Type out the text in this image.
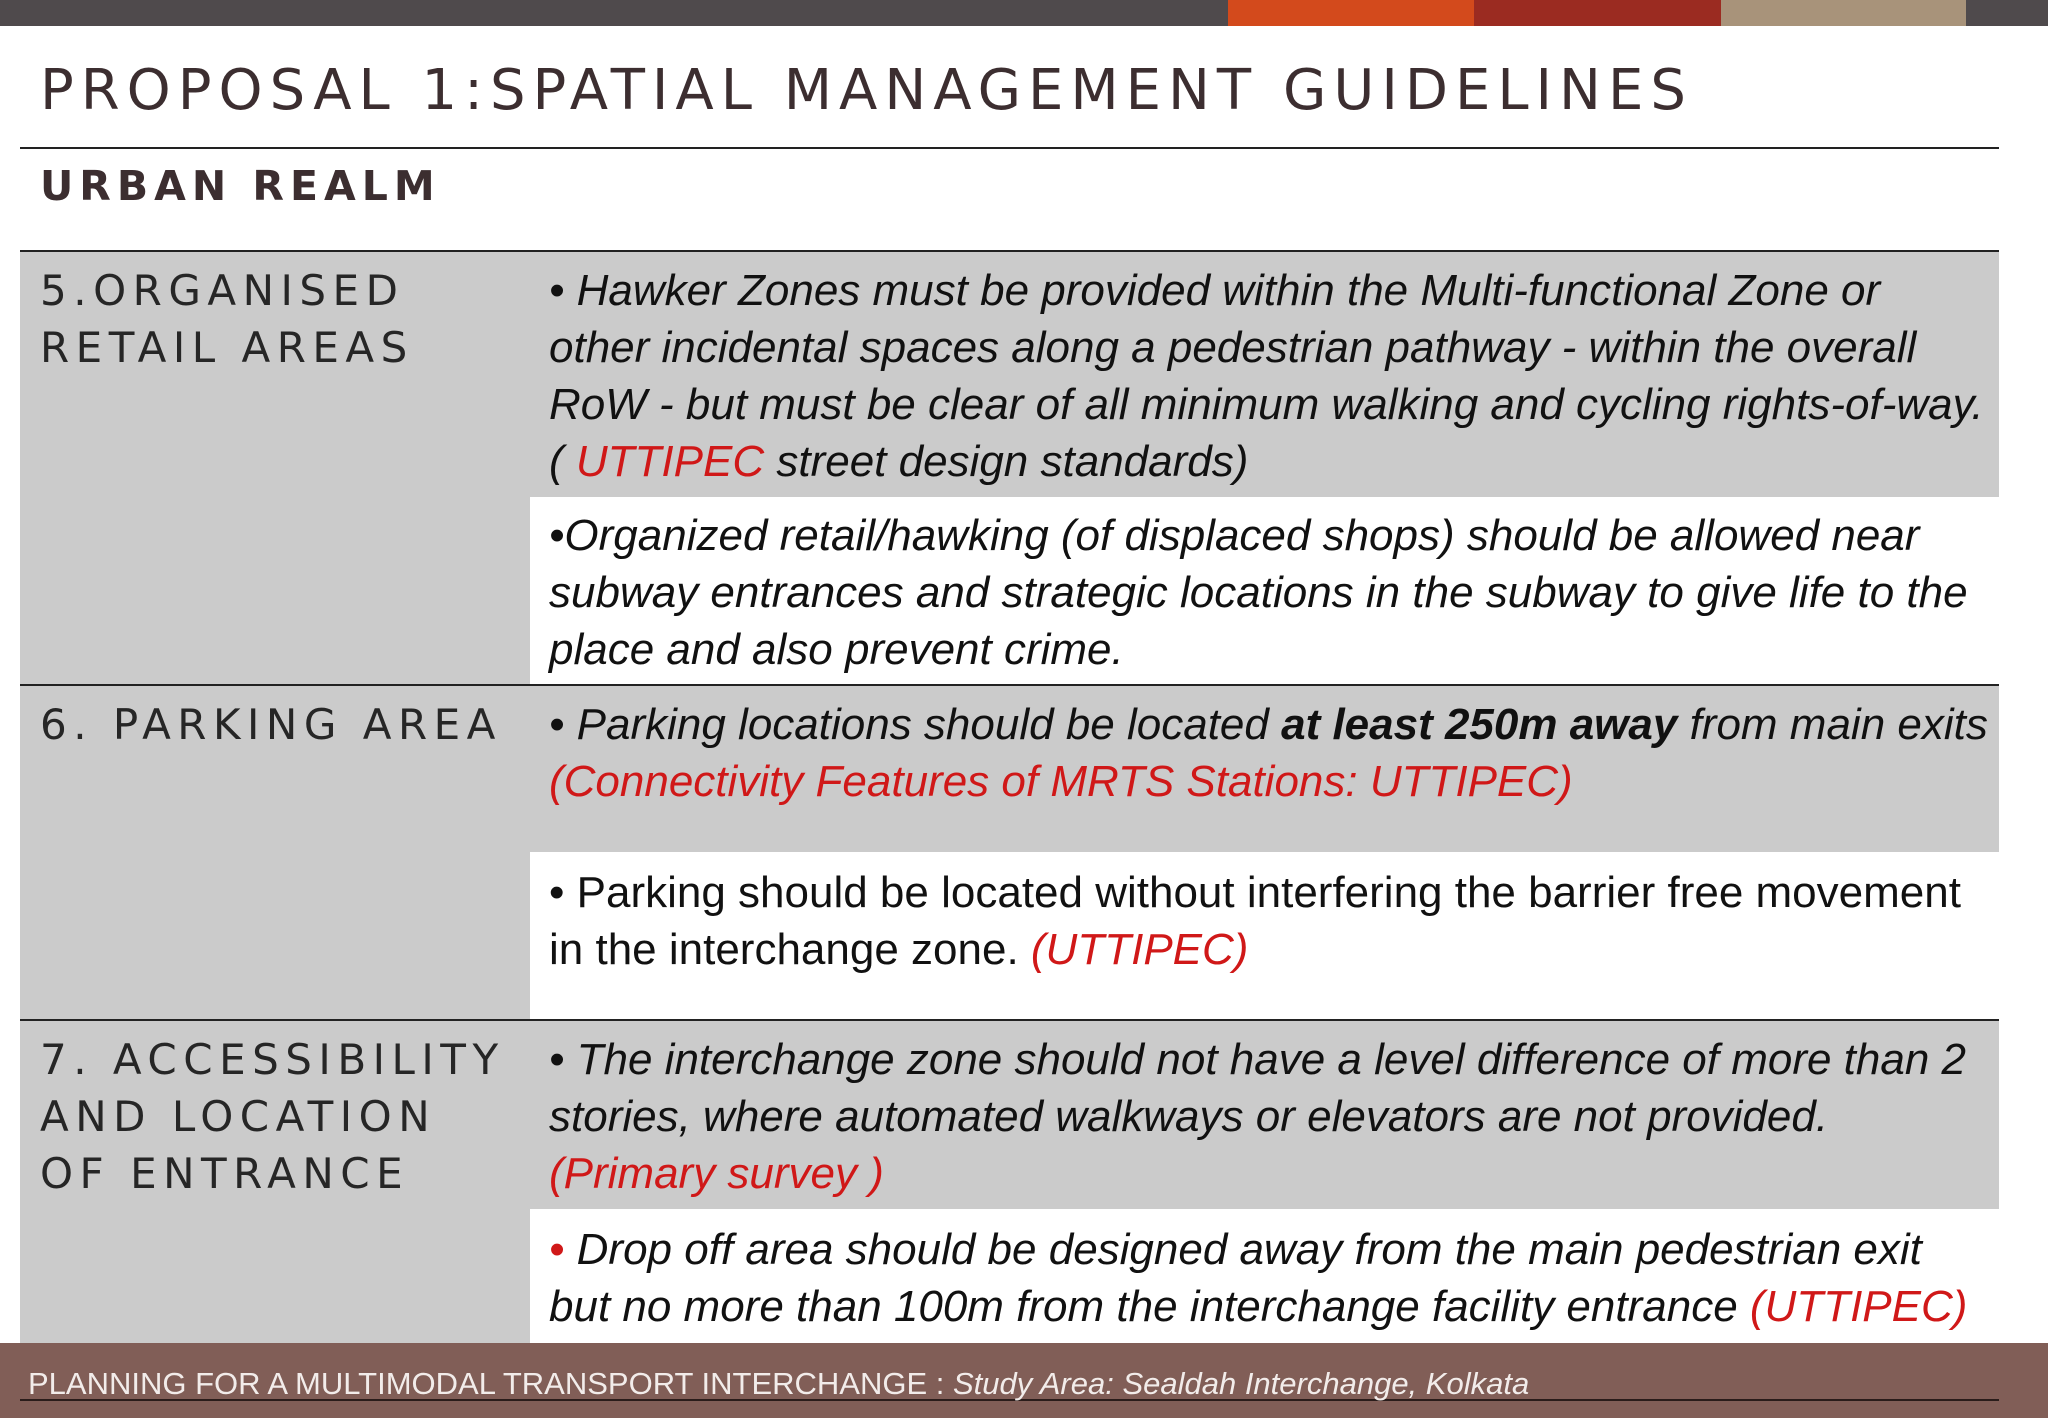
PROPOSAL 1:SPATIAL MANAGEMENT GUIDELINES
URBAN REALM
5.ORGANISED
RETAIL AREAS
• Hawker Zones must be provided within the Multi-functional Zone or other incidental spaces along a pedestrian pathway - within the overall RoW - but must be clear of all minimum walking and cycling rights-of-way.( UTTIPEC street design standards)
•Organized retail/hawking (of displaced shops) should be allowed near subway entrances and strategic locations in the subway to give life to the place and also prevent crime.
6. PARKING AREA • Parking locations should be located at least 250m away from main exits (Connectivity Features of MRTS Stations: UTTIPEC)
• Parking should be located without interfering the barrier free movement in the interchange zone. (UTTIPEC)
7. ACCESSIBILITY
AND LOCATION
OF ENTRANCE
• The interchange zone should not have a level difference of more than 2 stories, where automated walkways or elevators are not provided. (Primary survey )
• Drop off area should be designed away from the main pedestrian exit but no more than 100m from the interchange facility entrance (UTTIPEC)
PLANNING FOR A MULTIMODAL TRANSPORT INTERCHANGE : Study Area: Sealdah Interchange, Kolkata
